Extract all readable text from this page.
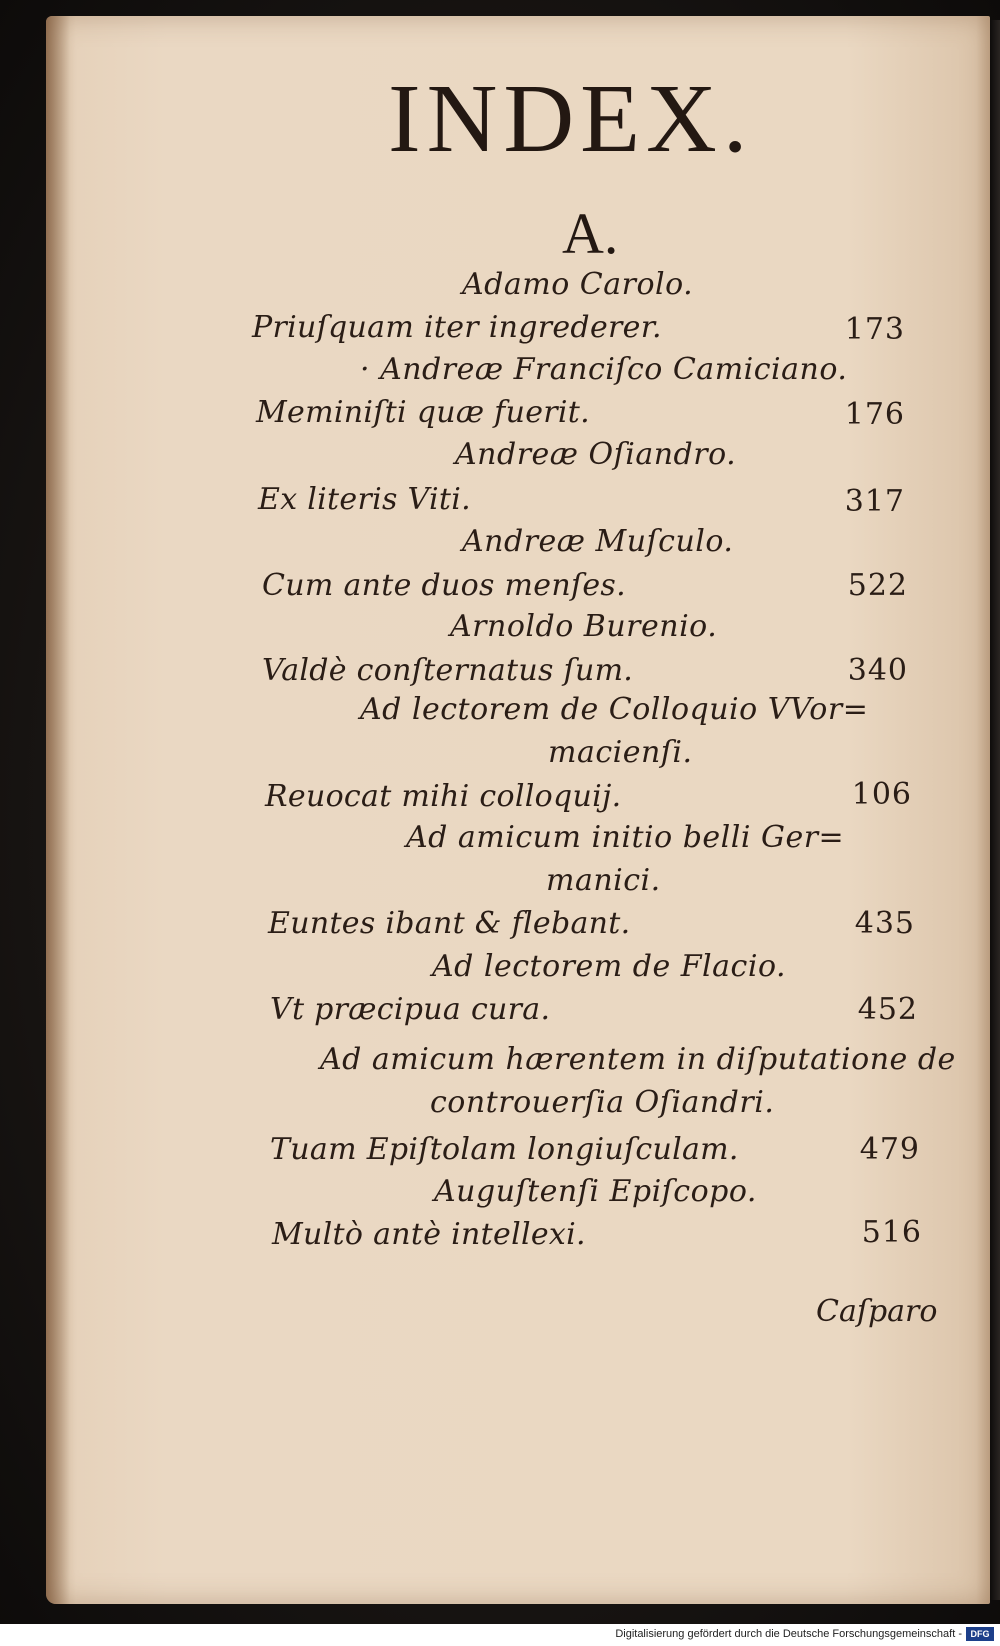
INDEX.
A.
Adamo Carolo.
Priuſquam iter ingrederer.	173
· Andreæ Franciſco Camiciano.
Meminiſti quæ fuerit.	176
Andreæ Oſiandro.
Ex literis Viti.	317
Andreæ Muſculo.
Cum ante duos menſes.	522
Arnoldo Burenio.
Valdè conſternatus ſum.	340
Ad lectorem de Colloquio VVor=
macienſi.
Reuocat mihi colloquij.	106
Ad amicum initio belli Ger=
manici.
Euntes ibant & flebant.	435
Ad lectorem de Flacio.
Vt præcipua cura.	452
Ad amicum hærentem in diſputatione de
controuerſia Oſiandri.
Tuam Epiſtolam longiuſculam.	479
Auguſtenſi Epiſcopo.
Multò antè intellexi.	516
Caſparo
Digitalisierung gefördert durch die Deutsche Forschungsgemeinschaft - DFG
